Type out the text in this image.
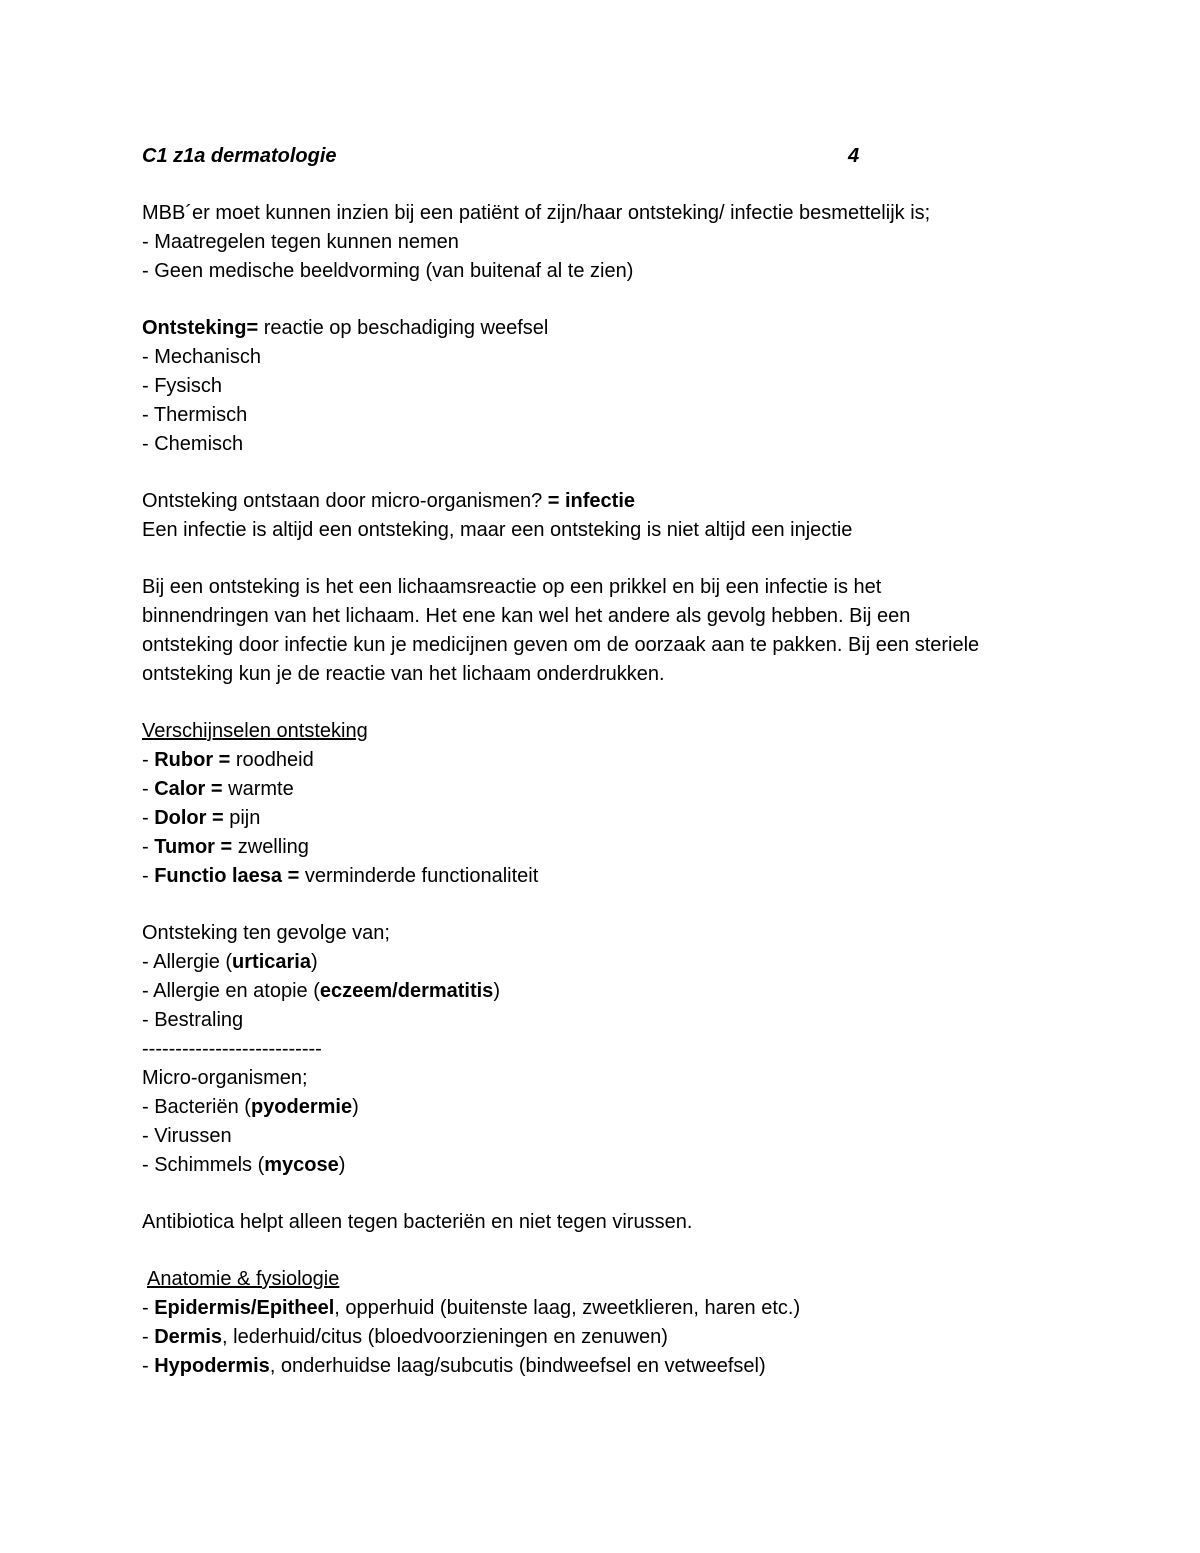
C1 z1a dermatologie	4
MBB´er moet kunnen inzien bij een patiënt of zijn/haar ontsteking/ infectie besmettelijk is;
- Maatregelen tegen kunnen nemen
- Geen medische beeldvorming (van buitenaf al te zien)
Ontsteking= reactie op beschadiging weefsel
- Mechanisch
- Fysisch
- Thermisch
- Chemisch
Ontsteking ontstaan door micro-organismen? = infectie
Een infectie is altijd een ontsteking, maar een ontsteking is niet altijd een injectie
Bij een ontsteking is het een lichaamsreactie op een prikkel en bij een infectie is het
binnendringen van het lichaam. Het ene kan wel het andere als gevolg hebben. Bij een
ontsteking door infectie kun je medicijnen geven om de oorzaak aan te pakken. Bij een steriele
ontsteking kun je de reactie van het lichaam onderdrukken.
Verschijnselen ontsteking
- Rubor = roodheid
- Calor = warmte
- Dolor = pijn
- Tumor = zwelling
- Functio laesa = verminderde functionaliteit
Ontsteking ten gevolge van;
- Allergie (urticaria)
- Allergie en atopie (eczeem/dermatitis)
- Bestraling
---------------------------
Micro-organismen;
- Bacteriën (pyodermie)
- Virussen
- Schimmels (mycose)
Antibiotica helpt alleen tegen bacteriën en niet tegen virussen.
Anatomie & fysiologie
- Epidermis/Epitheel, opperhuid (buitenste laag, zweetklieren, haren etc.)
- Dermis, lederhuid/citus (bloedvoorzieningen en zenuwen)
- Hypodermis, onderhuidse laag/subcutis (bindweefsel en vetweefsel)
